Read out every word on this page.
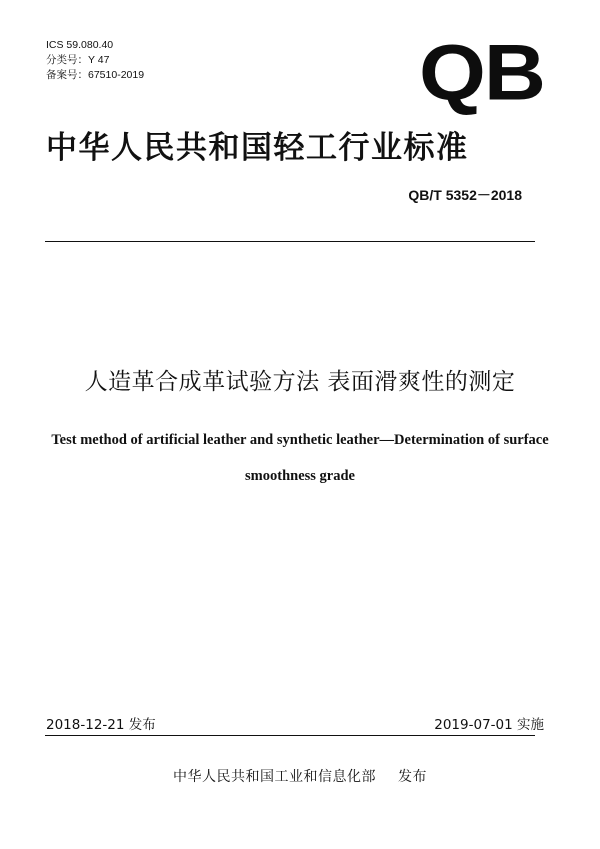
ICS 59.080.40
分类号：Y 47
备案号：67510-2019	QB
中华人民共和国轻工行业标准
QB/T 5352－2018
人造革合成革试验方法 表面滑爽性的测定
Test method of artificial leather and synthetic leather—Determination of surface
smoothness grade
2018-12-21 发布	2019-07-01 实施
中华人民共和国工业和信息化部 发布
